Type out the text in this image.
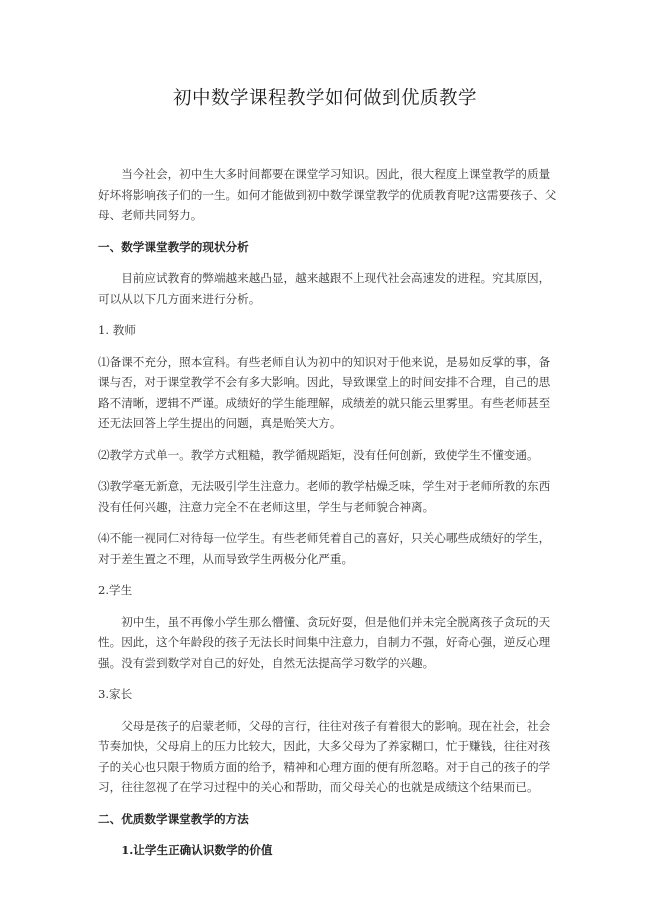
初中数学课程教学如何做到优质教学

当今社会，初中生大多时间都要在课堂学习知识。因此，很大程度上课堂教学的质量好坏将影响孩子们的一生。如何才能做到初中数学课堂教学的优质教育呢?这需要孩子、父母、老师共同努力。

一、数学课堂教学的现状分析

目前应试教育的弊端越来越凸显，越来越跟不上现代社会高速发的进程。究其原因，可以从以下几方面来进行分析。

1. 教师

⑴备课不充分，照本宣科。有些老师自认为初中的知识对于他来说，是易如反掌的事，备课与否，对于课堂教学不会有多大影响。因此，导致课堂上的时间安排不合理，自己的思路不清晰，逻辑不严谨。成绩好的学生能理解，成绩差的就只能云里雾里。有些老师甚至还无法回答上学生提出的问题，真是贻笑大方。

⑵教学方式单一。教学方式粗糙，教学循规蹈矩，没有任何创新，致使学生不懂变通。

⑶教学毫无新意，无法吸引学生注意力。老师的教学枯燥乏味，学生对于老师所教的东西没有任何兴趣，注意力完全不在老师这里，学生与老师貌合神离。

⑷不能一视同仁对待每一位学生。有些老师凭着自己的喜好，只关心哪些成绩好的学生，对于差生置之不理，从而导致学生两极分化严重。

2.学生

初中生，虽不再像小学生那么懵懂、贪玩好耍，但是他们并未完全脱离孩子贪玩的天性。因此，这个年龄段的孩子无法长时间集中注意力，自制力不强，好奇心强，逆反心理强。没有尝到数学对自己的好处，自然无法提高学习数学的兴趣。

3.家长

父母是孩子的启蒙老师，父母的言行，往往对孩子有着很大的影响。现在社会，社会节奏加快，父母肩上的压力比较大，因此，大多父母为了养家糊口，忙于赚钱，往往对孩子的关心也只限于物质方面的给予，精神和心理方面的便有所忽略。对于自己的孩子的学习，往往忽视了在学习过程中的关心和帮助，而父母关心的也就是成绩这个结果而已。

二、优质数学课堂教学的方法

1.让学生正确认识数学的价值
